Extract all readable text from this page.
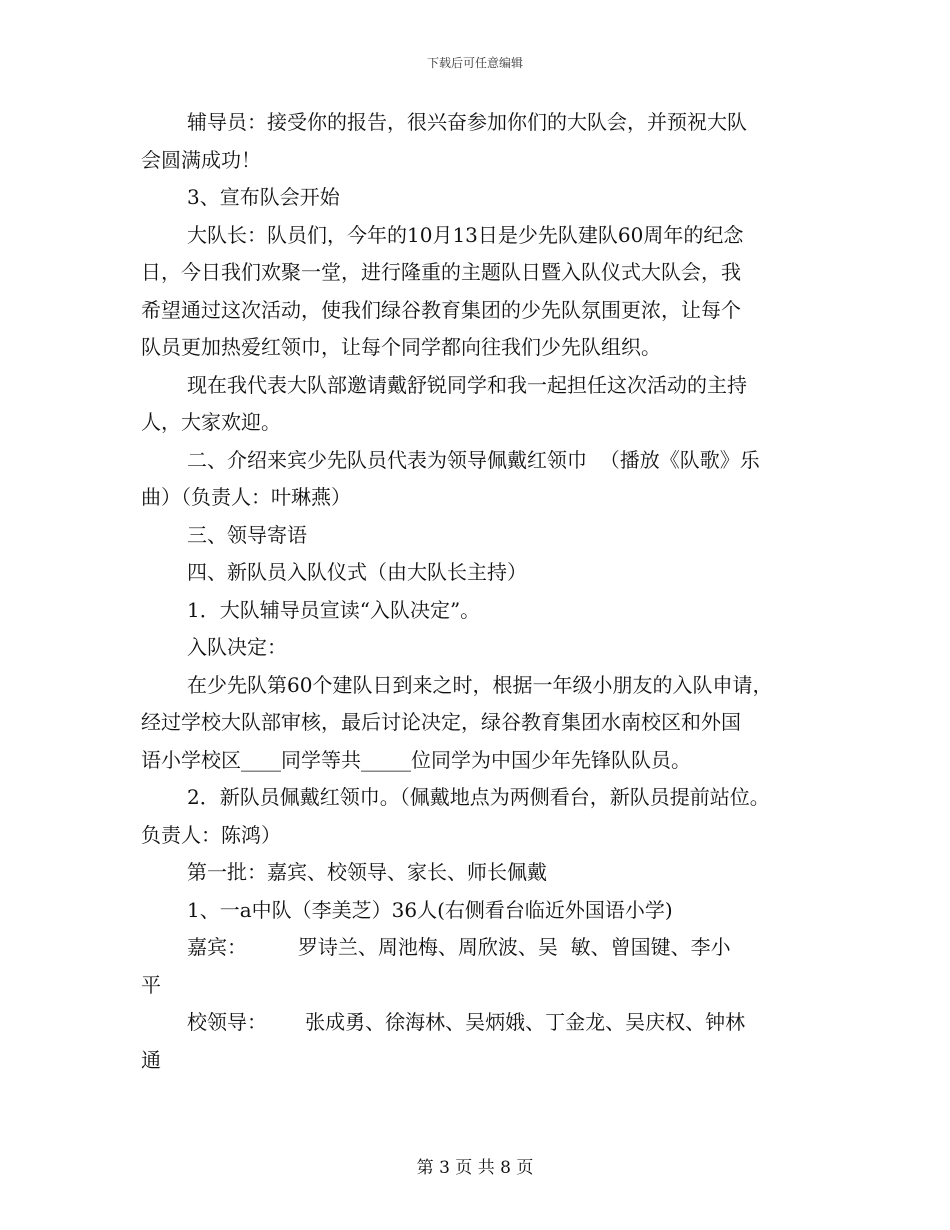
下载后可任意编辑
辅导员：接受你的报告，很兴奋参加你们的大队会，并预祝大队
会圆满成功！
3、宣布队会开始
大队长：队员们，今年的10月13日是少先队建队60周年的纪念
日，今日我们欢聚一堂，进行隆重的主题队日暨入队仪式大队会，我
希望通过这次活动，使我们绿谷教育集团的少先队氛围更浓，让每个
队员更加热爱红领巾，让每个同学都向往我们少先队组织。
现在我代表大队部邀请戴舒锐同学和我一起担任这次活动的主持
人，大家欢迎。
二、介绍来宾少先队员代表为领导佩戴红领巾  （播放《队歌》乐
曲）（负责人：叶琳燕）
三、领导寄语
四、新队员入队仪式（由大队长主持）
1．大队辅导员宣读“入队决定”。
入队决定：
在少先队第60个建队日到来之时，根据一年级小朋友的入队申请，
经过学校大队部审核，最后讨论决定，绿谷教育集团水南校区和外国
语小学校区____同学等共_____位同学为中国少年先锋队队员。
2．新队员佩戴红领巾。（佩戴地点为两侧看台，新队员提前站位。
负责人：陈鸿）
第一批：嘉宾、校领导、家长、师长佩戴
1、一a中队（李美芝）36人(右侧看台临近外国语小学)
嘉宾：        罗诗兰、周池梅、周欣波、吴  敏、曾国键、李小
平
校领导：      张成勇、徐海林、吴炳娥、丁金龙、吴庆权、钟林
通
第 3 页 共 8 页
